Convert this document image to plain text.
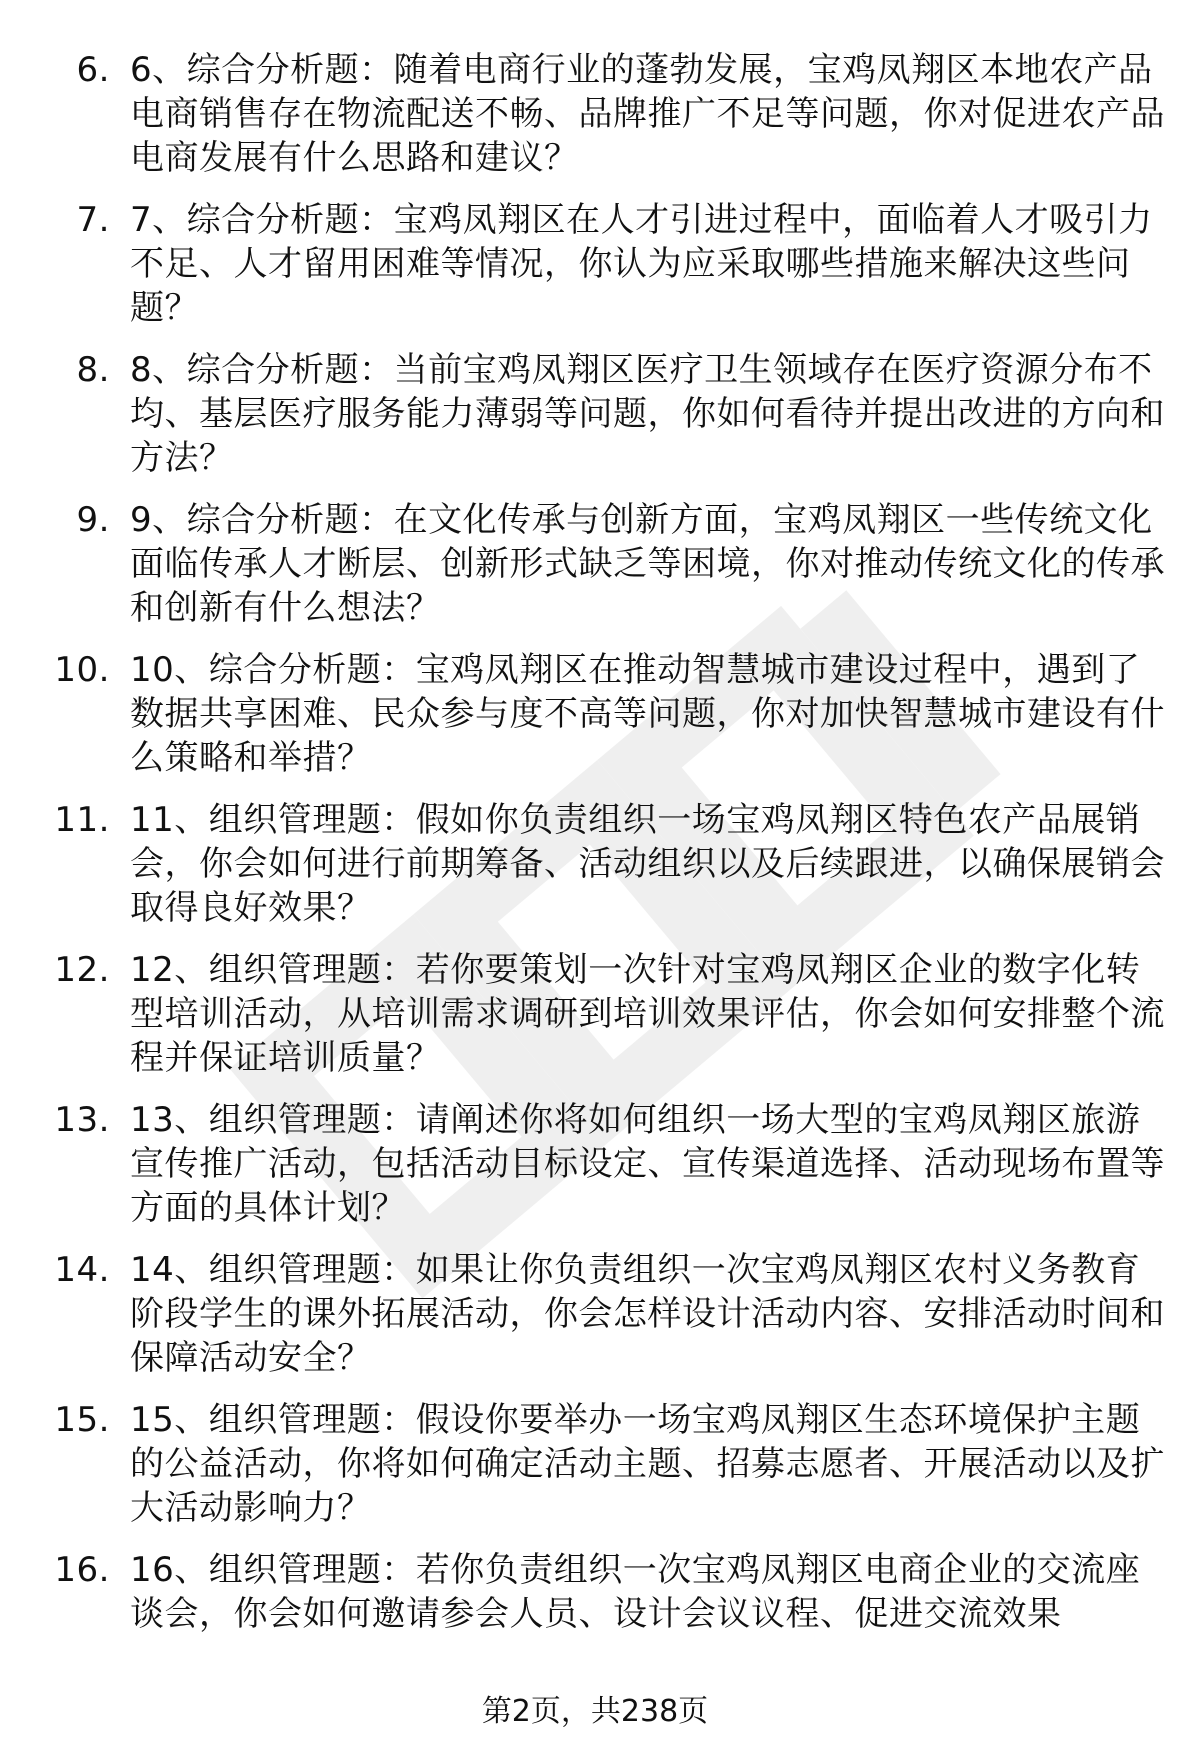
6. 6、综合分析题：随着电商行业的蓬勃发展，宝鸡凤翔区本地农产品电商销售存在物流配送不畅、品牌推广不足等问题，你对促进农产品电商发展有什么思路和建议？
7. 7、综合分析题：宝鸡凤翔区在人才引进过程中，面临着人才吸引力不足、人才留用困难等情况，你认为应采取哪些措施来解决这些问题？
8. 8、综合分析题：当前宝鸡凤翔区医疗卫生领域存在医疗资源分布不均、基层医疗服务能力薄弱等问题，你如何看待并提出改进的方向和方法？
9. 9、综合分析题：在文化传承与创新方面，宝鸡凤翔区一些传统文化面临传承人才断层、创新形式缺乏等困境，你对推动传统文化的传承和创新有什么想法？
10. 10、综合分析题：宝鸡凤翔区在推动智慧城市建设过程中，遇到了数据共享困难、民众参与度不高等问题，你对加快智慧城市建设有什么策略和举措？
11. 11、组织管理题：假如你负责组织一场宝鸡凤翔区特色农产品展销会，你会如何进行前期筹备、活动组织以及后续跟进，以确保展销会取得良好效果？
12. 12、组织管理题：若你要策划一次针对宝鸡凤翔区企业的数字化转型培训活动，从培训需求调研到培训效果评估，你会如何安排整个流程并保证培训质量？
13. 13、组织管理题：请阐述你将如何组织一场大型的宝鸡凤翔区旅游宣传推广活动，包括活动目标设定、宣传渠道选择、活动现场布置等方面的具体计划？
14. 14、组织管理题：如果让你负责组织一次宝鸡凤翔区农村义务教育阶段学生的课外拓展活动，你会怎样设计活动内容、安排活动时间和保障活动安全？
15. 15、组织管理题：假设你要举办一场宝鸡凤翔区生态环境保护主题的公益活动，你将如何确定活动主题、招募志愿者、开展活动以及扩大活动影响力？
16. 16、组织管理题：若你负责组织一次宝鸡凤翔区电商企业的交流座谈会，你会如何邀请参会人员、设计会议议程、促进交流效果
第2页，共238页
